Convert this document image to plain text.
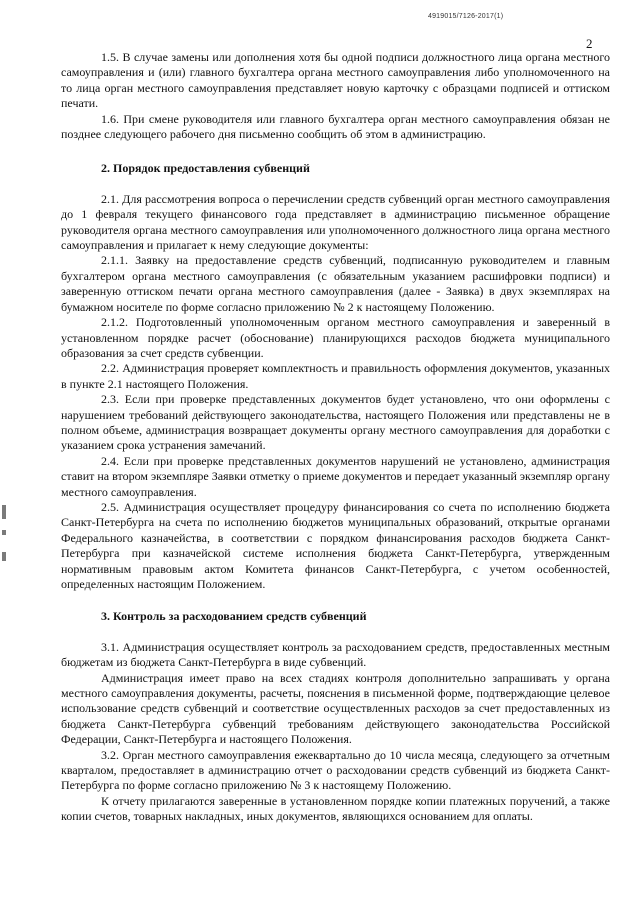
4919015/7126-2017(1)
2

1.5. В случае замены или дополнения хотя бы одной подписи должностного лица органа местного самоуправления и (или) главного бухгалтера органа местного самоуправления либо уполномоченного на то лица орган местного самоуправления представляет новую карточку с образцами подписей и оттиском печати.

1.6. При смене руководителя или главного бухгалтера орган местного самоуправления обязан не позднее следующего рабочего дня письменно сообщить об этом в администрацию.

2. Порядок предоставления субвенций

2.1. Для рассмотрения вопроса о перечислении средств субвенций орган местного самоуправления до 1 февраля текущего финансового года представляет в администрацию письменное обращение руководителя органа местного самоуправления или уполномоченного должностного лица органа местного самоуправления и прилагает к нему следующие документы:

2.1.1. Заявку на предоставление средств субвенций, подписанную руководителем и главным бухгалтером органа местного самоуправления (с обязательным указанием расшифровки подписи) и заверенную оттиском печати органа местного самоуправления (далее - Заявка) в двух экземплярах на бумажном носителе по форме согласно приложению № 2 к настоящему Положению.

2.1.2. Подготовленный уполномоченным органом местного самоуправления и заверенный в установленном порядке расчет (обоснование) планирующихся расходов бюджета муниципального образования за счет средств субвенции.

2.2. Администрация проверяет комплектность и правильность оформления документов, указанных в пункте 2.1 настоящего Положения.

2.3. Если при проверке представленных документов будет установлено, что они оформлены с нарушением требований действующего законодательства, настоящего Положения или представлены не в полном объеме, администрация возвращает документы органу местного самоуправления для доработки с указанием срока устранения замечаний.

2.4. Если при проверке представленных документов нарушений не установлено, администрация ставит на втором экземпляре Заявки отметку о приеме документов и передает указанный экземпляр органу местного самоуправления.

2.5. Администрация осуществляет процедуру финансирования со счета по исполнению бюджета Санкт-Петербурга на счета по исполнению бюджетов муниципальных образований, открытые органами Федерального казначейства, в соответствии с порядком финансирования расходов бюджета Санкт-Петербурга при казначейской системе исполнения бюджета Санкт-Петербурга, утвержденным нормативным правовым актом Комитета финансов Санкт-Петербурга, с учетом особенностей, определенных настоящим Положением.

3. Контроль за расходованием средств субвенций

3.1. Администрация осуществляет контроль за расходованием средств, предоставленных местным бюджетам из бюджета Санкт-Петербурга в виде субвенций.

Администрация имеет право на всех стадиях контроля дополнительно запрашивать у органа местного самоуправления документы, расчеты, пояснения в письменной форме, подтверждающие целевое использование средств субвенций и соответствие осуществленных расходов за счет предоставленных из бюджета Санкт-Петербурга субвенций требованиям действующего законодательства Российской Федерации, Санкт-Петербурга и настоящего Положения.

3.2. Орган местного самоуправления ежеквартально до 10 числа месяца, следующего за отчетным кварталом, предоставляет в администрацию отчет о расходовании средств субвенций из бюджета Санкт-Петербурга по форме согласно приложению № 3 к настоящему Положению.

К отчету прилагаются заверенные в установленном порядке копии платежных поручений, а также копии счетов, товарных накладных, иных документов, являющихся основанием для оплаты.
